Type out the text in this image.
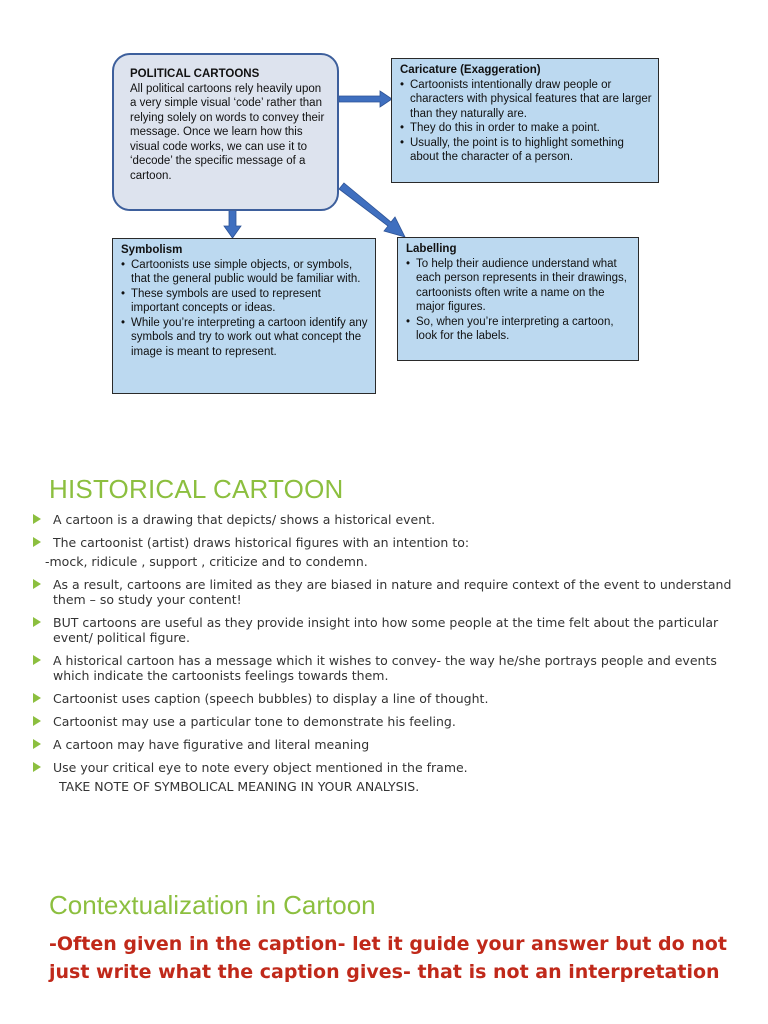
POLITICAL CARTOONS
All political cartoons rely heavily upon a very simple visual ‘code’ rather than relying solely on words to convey their message. Once we learn how this visual code works, we can use it to ‘decode’ the specific message of a cartoon.
Caricature (Exaggeration)
• Cartoonists intentionally draw people or characters with physical features that are larger than they naturally are.
• They do this in order to make a point.
• Usually, the point is to highlight something about the character of a person.
Symbolism
• Cartoonists use simple objects, or symbols, that the general public would be familiar with.
• These symbols are used to represent important concepts or ideas.
• While you’re interpreting a cartoon identify any symbols and try to work out what concept the image is meant to represent.
Labelling
• To help their audience understand what each person represents in their drawings, cartoonists often write a name on the major figures.
• So, when you’re interpreting a cartoon, look for the labels.
HISTORICAL CARTOON
A cartoon is a drawing that depicts/ shows a historical event.
The cartoonist (artist) draws historical figures with an intention to:
-mock, ridicule , support , criticize and to condemn.
As a result, cartoons are limited as they are biased in nature and require context of the event to understand them – so study your content!
BUT cartoons are useful as they provide insight into how some people at the time felt about the particular event/ political figure.
A historical cartoon has a message which it wishes to convey- the way he/she portrays people and events which indicate the cartoonists feelings towards them.
Cartoonist uses caption (speech bubbles) to display a line of thought.
Cartoonist may use a particular tone to demonstrate his feeling.
A cartoon may have figurative and literal meaning
Use your critical eye to note every object mentioned in the frame.
TAKE NOTE OF SYMBOLICAL MEANING IN YOUR ANALYSIS.
Contextualization in Cartoon
-Often given in the caption- let it guide your answer but do not just write what the caption gives- that is not an interpretation
